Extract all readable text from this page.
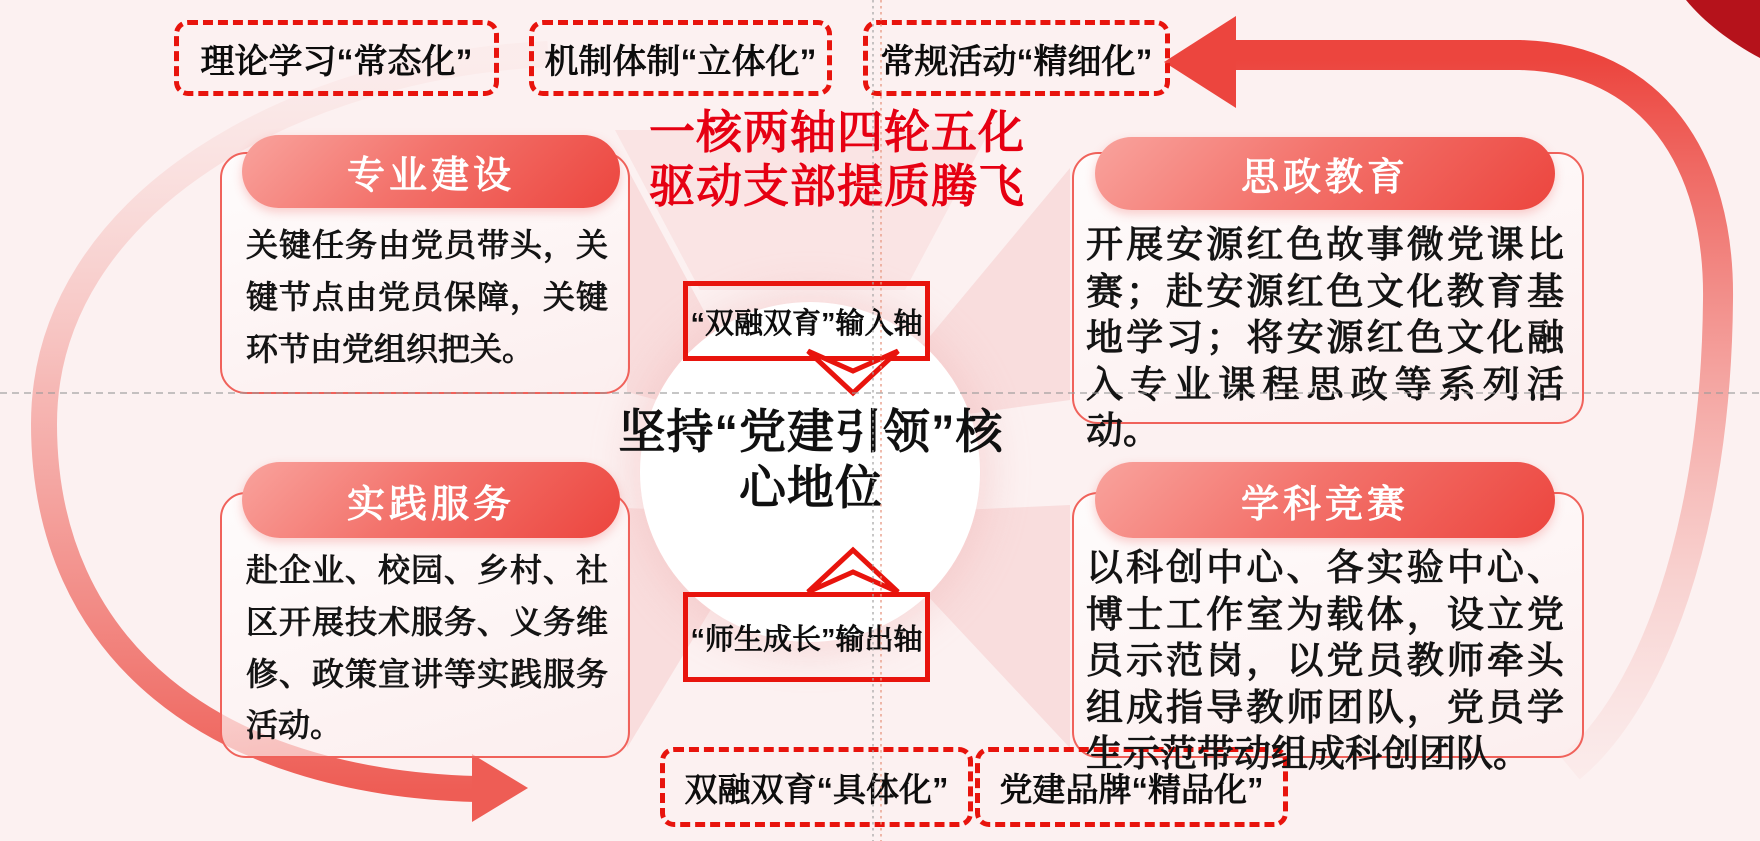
坚持“党建引领”核心地位
一核两轴四轮五化
驱动支部提质腾飞
理论学习“常态化” 机制体制“立体化” 常规活动“精细化”
双融双育“具体化” 党建品牌“精品化”
专业建设
关键任务由党员带头，关键节点由党员保障，关键环节由党组织把关。
思政教育
开展安源红色故事微党课比赛；赴安源红色文化教育基地学习；将安源红色文化融入专业课程思政等系列活动。
实践服务
赴企业、校园、乡村、社区开展技术服务、义务维修、政策宣讲等实践服务活动。
学科竞赛
以科创中心、各实验中心、博士工作室为载体，设立党员示范岗，以党员教师牵头组成指导教师团队，党员学生示范带动组成科创团队。
“双融双育”输入轴
“师生成长”输出轴
